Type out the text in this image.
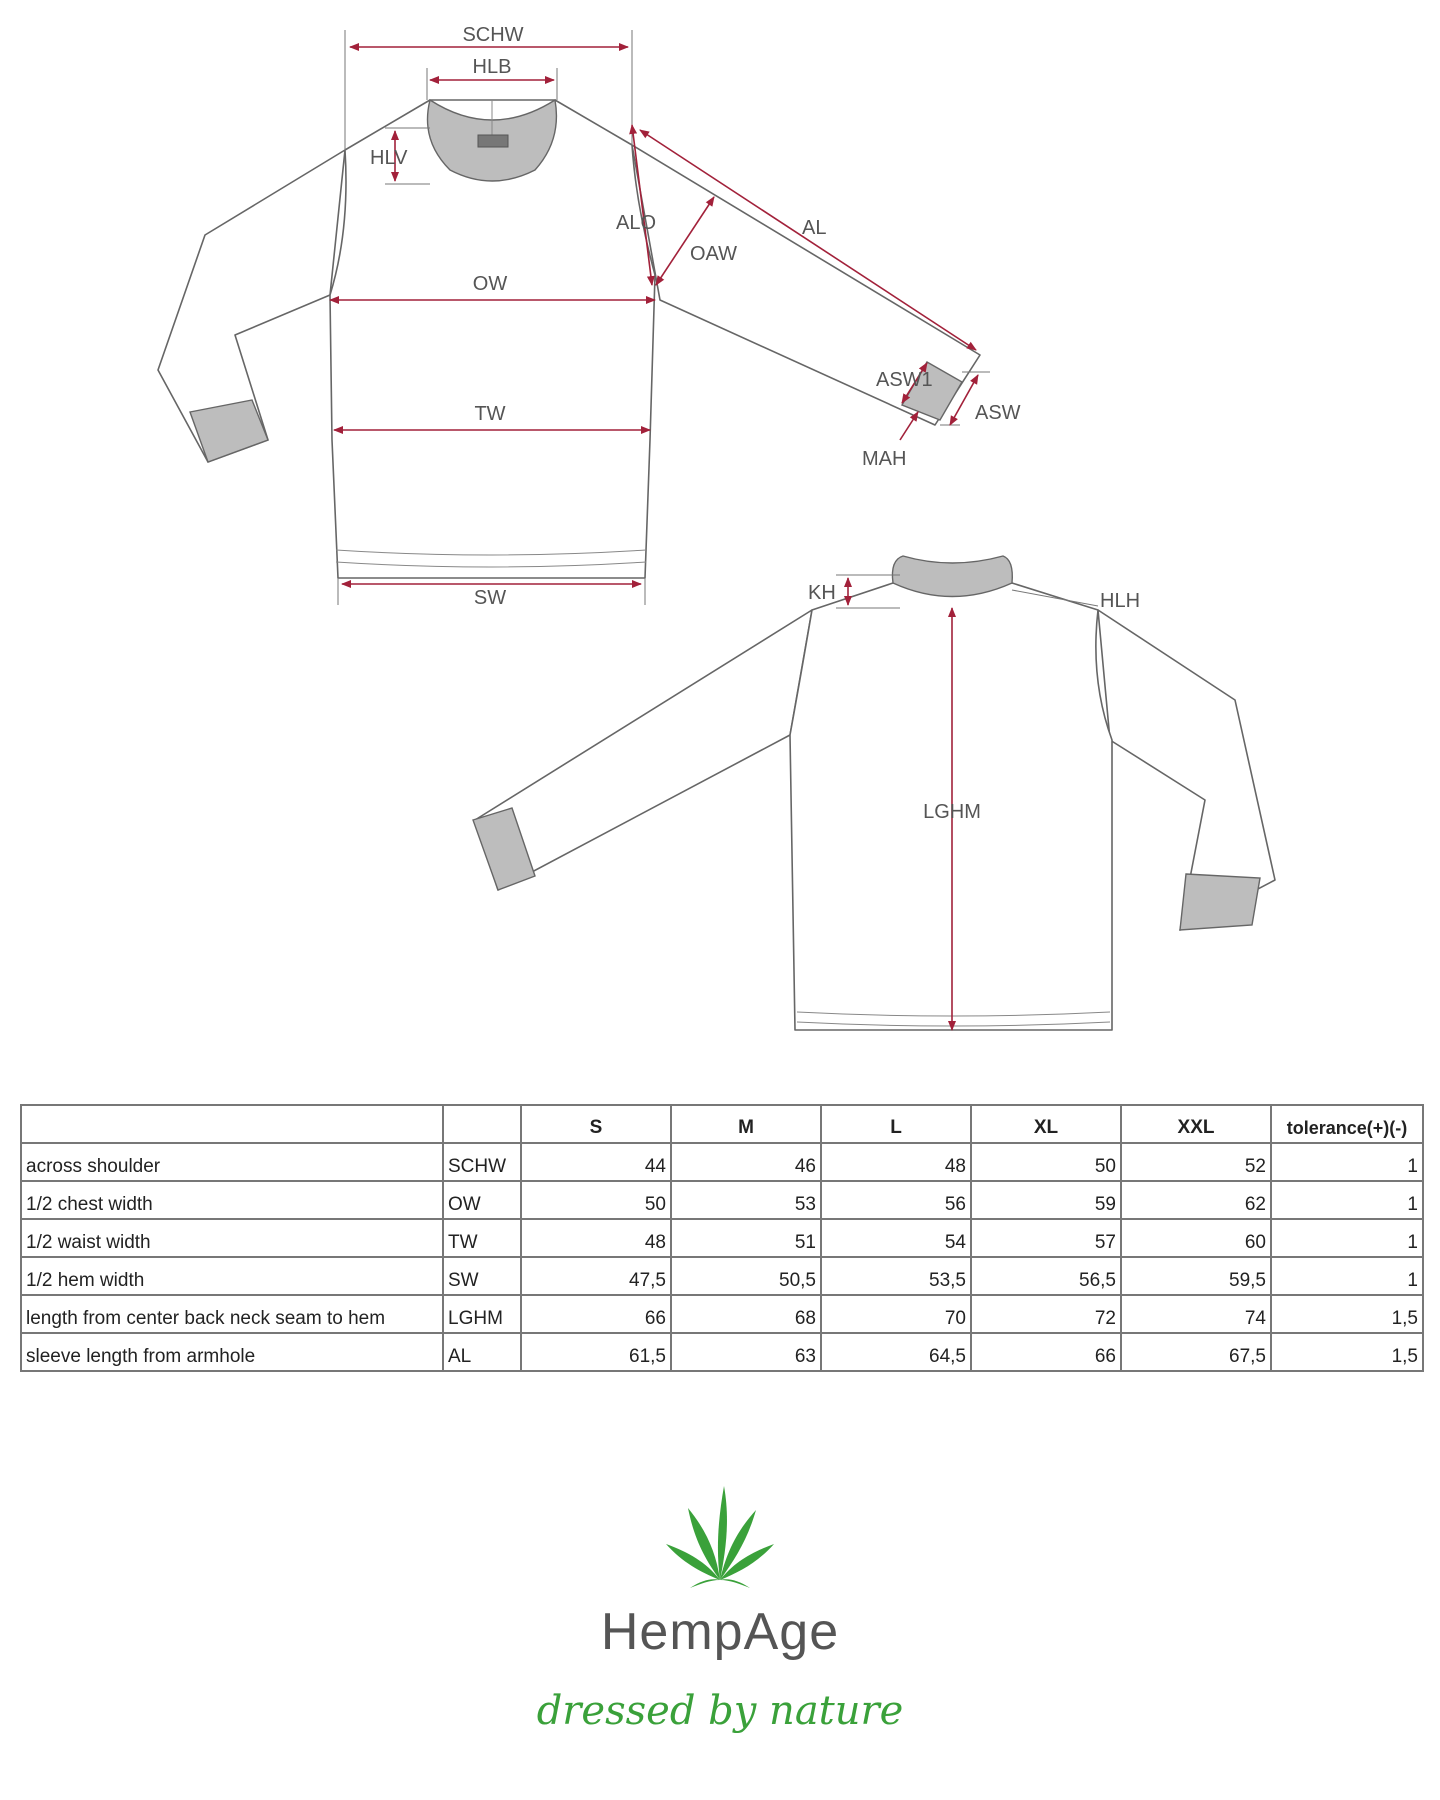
SCHW
HLB
HLV
ALO
OAW
AL
OW
TW
SW
ASW1
ASW
MAH
KH	HLH
LGHM
		S	M	L	XL	XXL	tolerance(+)(-)
across shoulder	SCHW	44	46	48	50	52	1
1/2 chest width	OW	50	53	56	59	62	1
1/2 waist width	TW	48	51	54	57	60	1
1/2 hem width	SW	47,5	50,5	53,5	56,5	59,5	1
length from center back neck seam to hem	LGHM	66	68	70	72	74	1,5
sleeve length from armhole	AL	61,5	63	64,5	66	67,5	1,5
HempAge
dressed by nature
